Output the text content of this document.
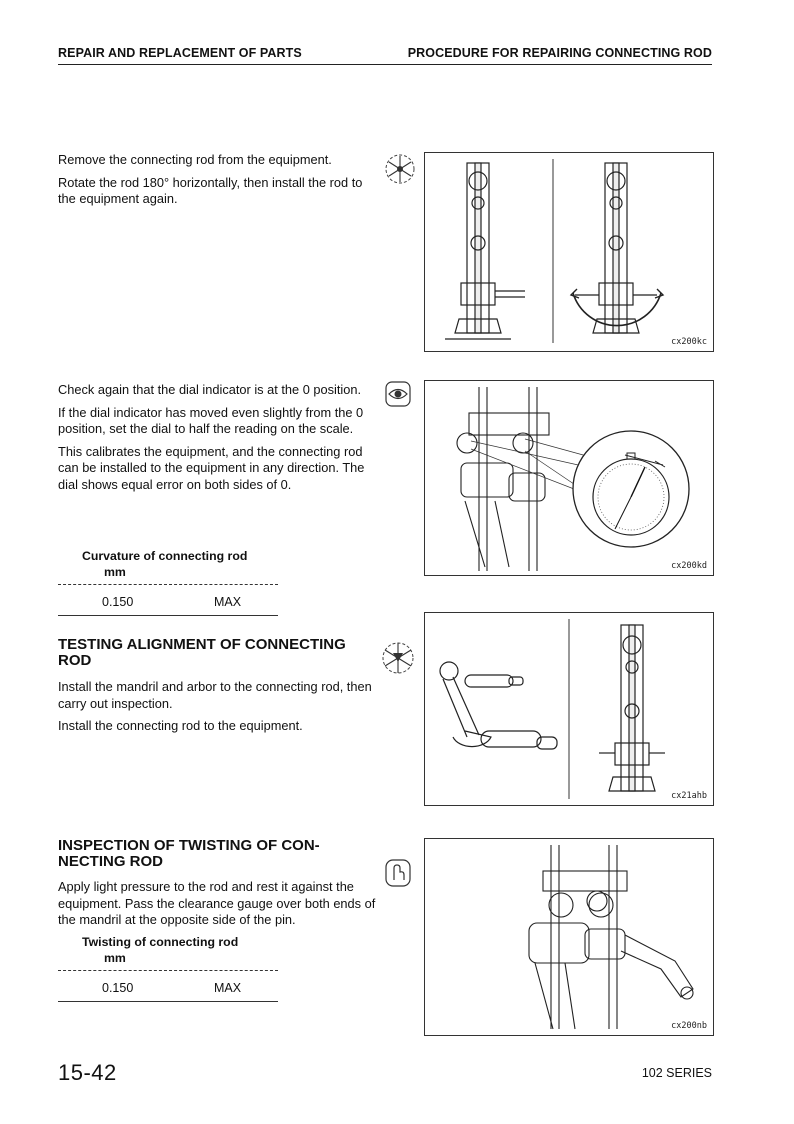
REPAIR AND REPLACEMENT OF PARTS	PROCEDURE FOR REPAIRING CONNECTING ROD

Remove the connecting rod from the equipment.

Rotate the rod 180° horizontally, then install the rod to the equipment again.

cx200kc

Check again that the dial indicator is at the 0 position.

If the dial indicator has moved even slightly from the 0 position, set the dial to half the reading on the scale.

This calibrates the equipment, and the connecting rod can be installed to the equipment in any direction. The dial shows equal error on both sides of 0.

Curvature of connecting rod
mm
0.150	MAX
cx200kd
TESTING ALIGNMENT OF CONNECTING
ROD

Install the mandril and arbor to the connecting rod, then carry out inspection.

Install the connecting rod to the equipment.

cx21ahb
INSPECTION OF TWISTING OF CON-
NECTING ROD

Apply light pressure to the rod and rest it against the equipment. Pass the clearance gauge over both ends of the mandril at the opposite side of the pin.

Twisting of connecting rod
mm
0.150	MAX
cx200nb
15-42	102 SERIES
